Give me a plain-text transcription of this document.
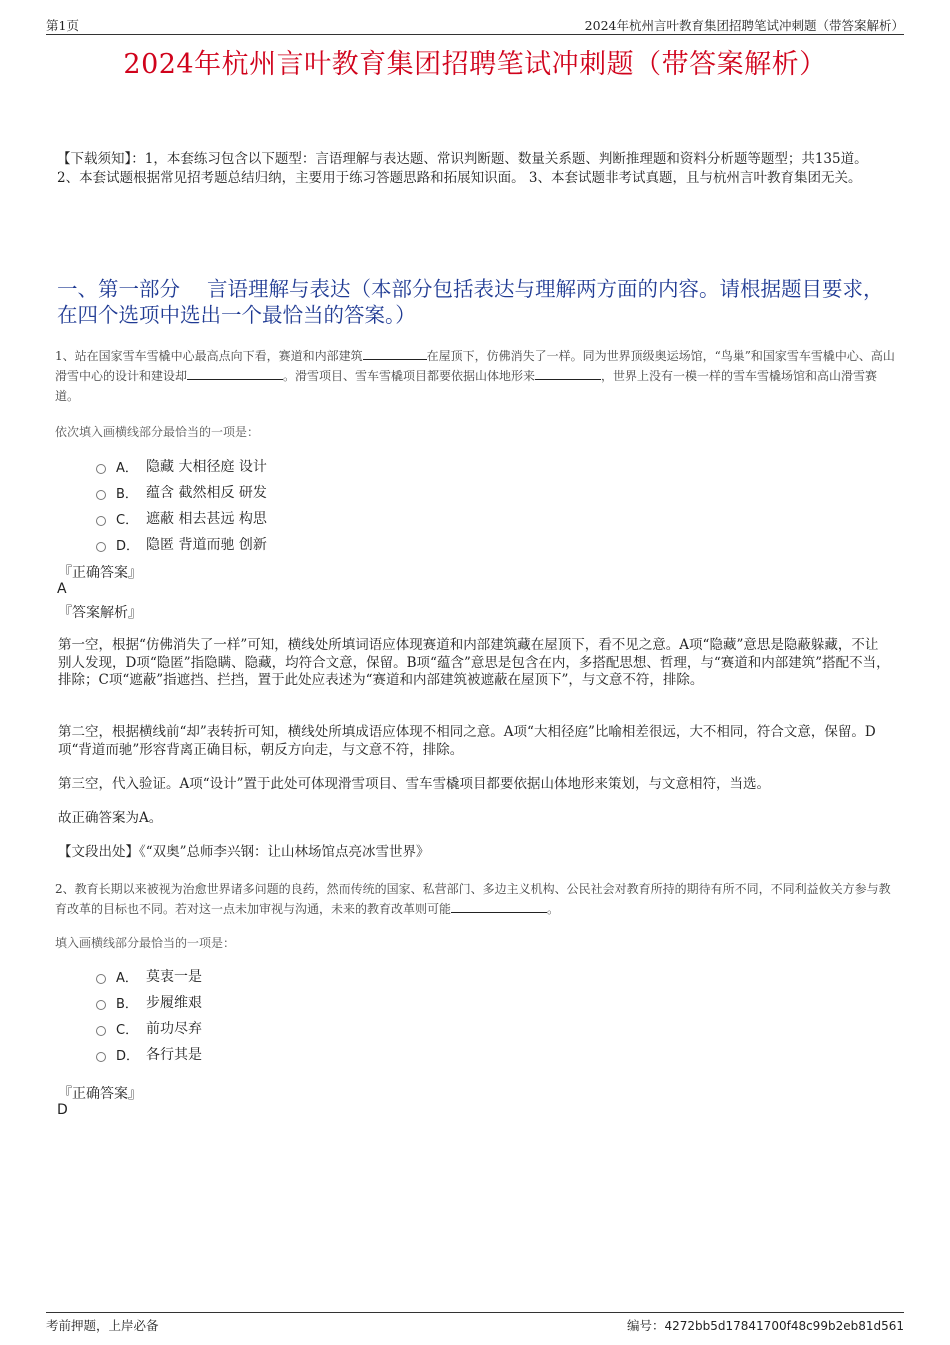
第1页	2024年杭州言叶教育集团招聘笔试冲刺题（带答案解析）
2024年杭州言叶教育集团招聘笔试冲刺题（带答案解析）
【下载须知】：1，本套练习包含以下题型：言语理解与表达题、常识判断题、数量关系题、判断推理题和资料分析题等题型；共135道。 2、本套试题根据常见招考题总结归纳，主要用于练习答题思路和拓展知识面。 3、本套试题非考试真题，且与杭州言叶教育集团无关。
一、第一部分　 言语理解与表达（本部分包括表达与理解两方面的内容。请根据题目要求，在四个选项中选出一个最恰当的答案。）
1、站在国家雪车雪橇中心最高点向下看，赛道和内部建筑	在屋顶下，仿佛消失了一样。同为世界顶级奥运场馆，“鸟巢”和国家雪车雪橇中心、高山滑雪中心的设计和建设却	。滑雪项目、雪车雪橇项目都要依据山体地形来	，世界上没有一模一样的雪车雪橇场馆和高山滑雪赛道。
依次填入画横线部分最恰当的一项是：
A． 隐藏 大相径庭 设计
B． 蕴含 截然相反 研发
C． 遮蔽 相去甚远 构思
D． 隐匿 背道而驰 创新
『正确答案』
A
『答案解析』
第一空，根据“仿佛消失了一样”可知，横线处所填词语应体现赛道和内部建筑藏在屋顶下，看不见之意。A项“隐藏”意思是隐蔽躲藏，不让别人发现，D项“隐匿”指隐瞒、隐藏，均符合文意，保留。B项“蕴含”意思是包含在内，多搭配思想、哲理，与“赛道和内部建筑”搭配不当，排除；C项“遮蔽”指遮挡、拦挡，置于此处应表述为“赛道和内部建筑被遮蔽在屋顶下”，与文意不符，排除。
第二空，根据横线前“却”表转折可知，横线处所填成语应体现不相同之意。A项“大相径庭”比喻相差很远，大不相同，符合文意，保留。D项“背道而驰”形容背离正确目标，朝反方向走，与文意不符，排除。
第三空，代入验证。A项“设计”置于此处可体现滑雪项目、雪车雪橇项目都要依据山体地形来策划，与文意相符，当选。
故正确答案为A。
【文段出处】《“双奥”总师李兴钢：让山林场馆点亮冰雪世界》
2、教育长期以来被视为治愈世界诸多问题的良药，然而传统的国家、私营部门、多边主义机构、公民社会对教育所持的期待有所不同，不同利益攸关方参与教育改革的目标也不同。若对这一点未加审视与沟通，未来的教育改革则可能	。
填入画横线部分最恰当的一项是：
A． 莫衷一是
B． 步履维艰
C． 前功尽弃
D． 各行其是
『正确答案』
D
考前押题，上岸必备	编号：4272bb5d17841700f48c99b2eb81d561
